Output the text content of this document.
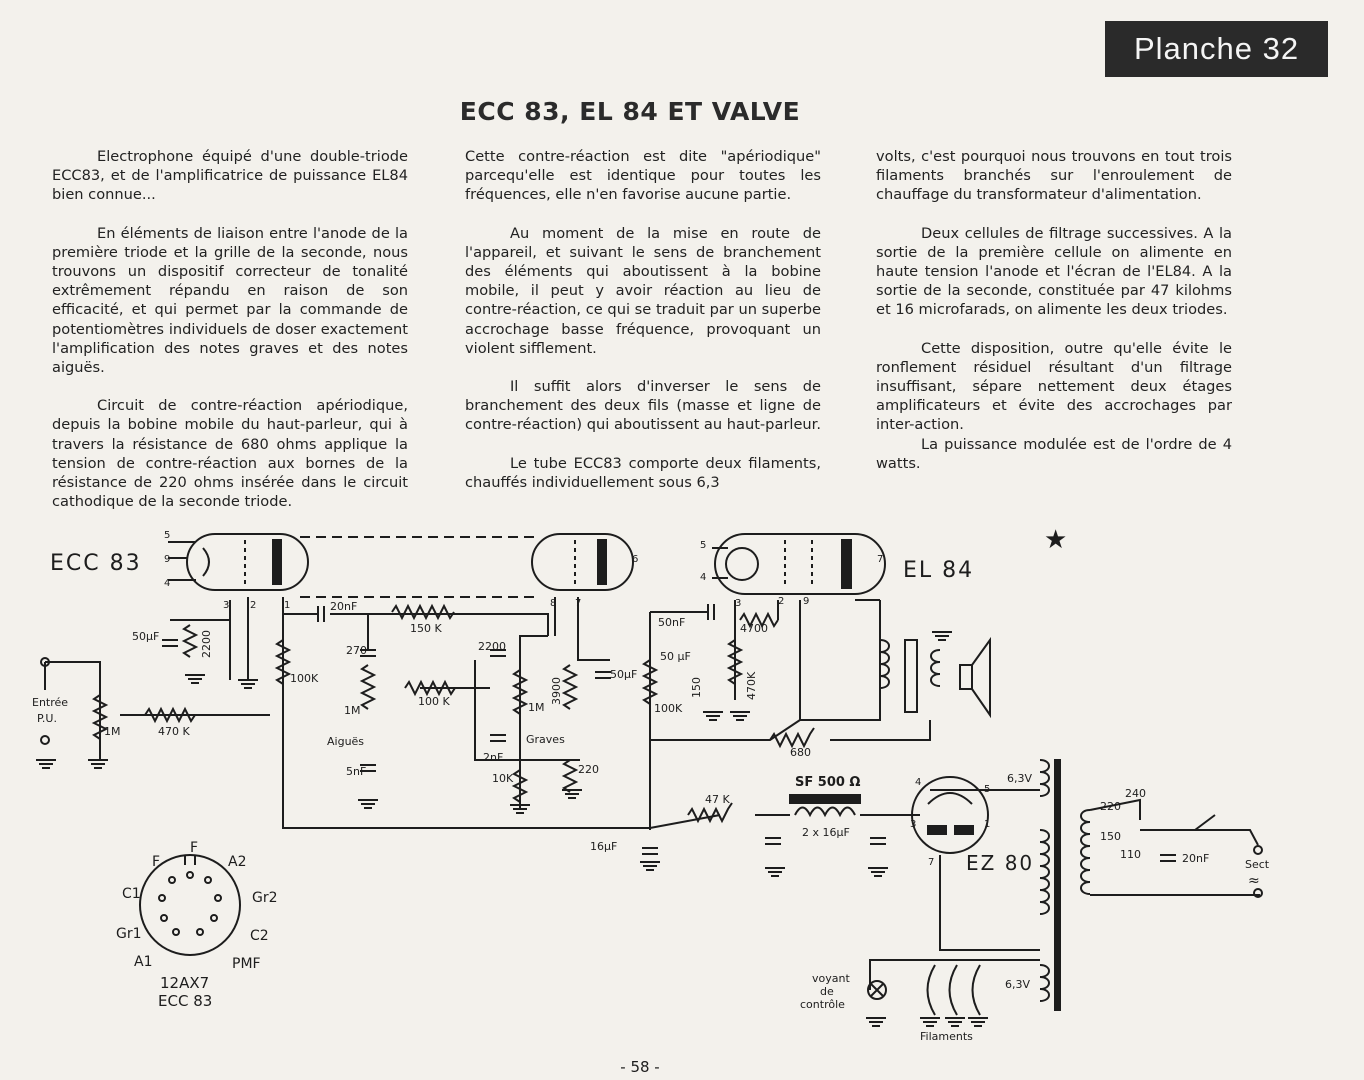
Planche 32
ECC 83, EL 84 ET VALVE

Electrophone équipé d'une double-triode ECC83, et de l'amplificatrice de puissance EL84 bien connue...

En éléments de liaison entre l'anode de la première triode et la grille de la seconde, nous trouvons un dispositif correcteur de tonalité extrêmement répandu en raison de son efficacité, et qui permet par la commande de potentiomètres individuels de doser exactement l'amplification des notes graves et des notes aiguës.

Circuit de contre-réaction apériodique, depuis la bobine mobile du haut-parleur, qui à travers la résistance de 680 ohms applique la tension de contre-réaction aux bornes de la résistance de 220 ohms insérée dans le circuit cathodique de la seconde triode.

Cette contre-réaction est dite "apériodique" parcequ'elle est identique pour toutes les fréquences, elle n'en favorise aucune partie.

Au moment de la mise en route de l'appareil, et suivant le sens de branchement des éléments qui aboutissent à la bobine mobile, il peut y avoir réaction au lieu de contre-réaction, ce qui se traduit par un superbe accrochage basse fréquence, provoquant un violent sifflement.

Il suffit alors d'inverser le sens de branchement des deux fils (masse et ligne de contre-réaction) qui aboutissent au haut-parleur.

Le tube ECC83 comporte deux filaments, chauffés individuellement sous 6,3

volts, c'est pourquoi nous trouvons en tout trois filaments branchés sur l'enroulement de chauffage du transformateur d'alimentation.

Deux cellules de filtrage successives. A la sortie de la première cellule on alimente en haute tension l'anode et l'écran de l'EL84. A la sortie de la seconde, constituée par 47 kilohms et 16 microfarads, on alimente les deux triodes.

Cette disposition, outre qu'elle évite le ronflement résiduel résultant d'un filtrage insuffisant, sépare nettement deux étages amplificateurs et évite des accrochages par inter-action.

La puissance modulée est de l'ordre de 4 watts.

★
ECC 83	EL 84
EZ 80
≈
5
9
4
3 2	1	8 7
6
5
4
3	2 9
7
4
5
3	1
7
Entrée
P.U.
Aiguës	Graves
SF 500 Ω
2 x 16µF
voyant
de
contrôle
Filaments
Sect
6,3V
6,3V
50µF	2200
1M	470 K
20nF
150 K
100K
270
1M
5nF
100 K
2200
3900
1M
2nF
10K
220
50µF
100K
50nF
50 µF
150
4700
470K
680
47 K
16µF
20nF
240
220
150
110
12AX7
ECC 83
F
F
A2
C1	Gr2
Gr1	C2
A1	PMF
- 58 -
